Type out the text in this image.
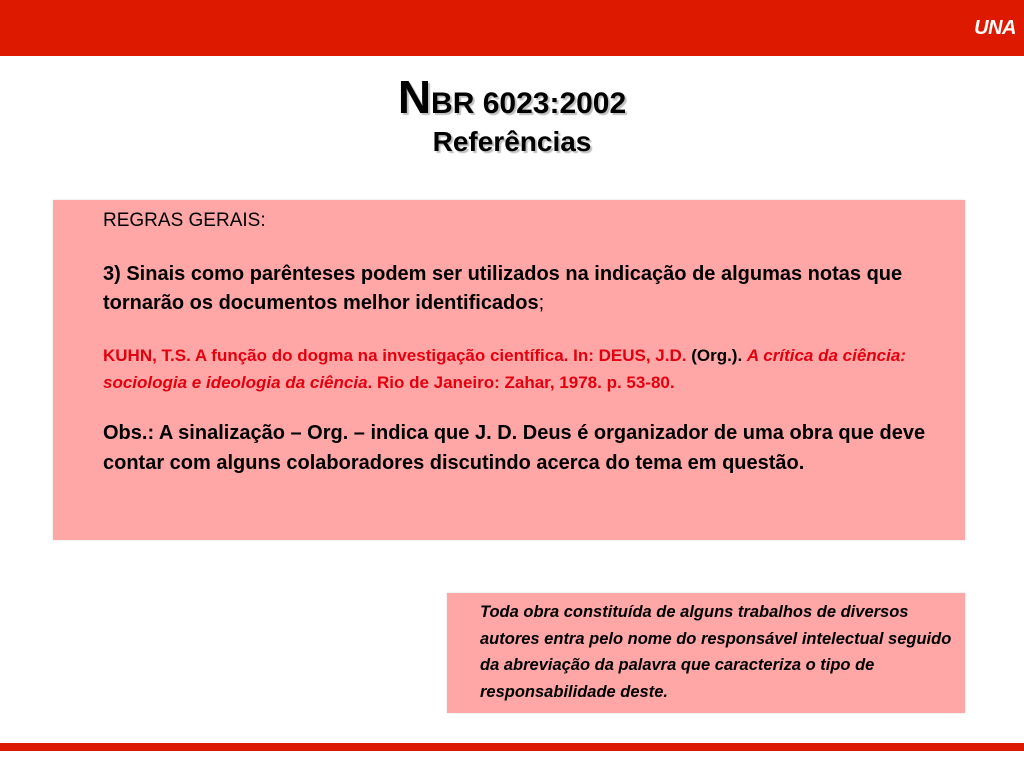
UNA
NBR 6023:2002
Referências

REGRAS GERAIS:

3) Sinais como parênteses podem ser utilizados na indicação de algumas notas que tornarão os documentos melhor identificados;

KUHN, T.S. A função do dogma na investigação científica. In: DEUS, J.D. (Org.). A crítica da ciência: sociologia e ideologia da ciência. Rio de Janeiro: Zahar, 1978. p. 53-80.

Obs.: A sinalização – Org. – indica que J. D. Deus é organizador de uma obra que deve contar com alguns colaboradores discutindo acerca do tema em questão.

Toda obra constituída de alguns trabalhos de diversos autores entra pelo nome do responsável intelectual seguido da abreviação da palavra que caracteriza o tipo de responsabilidade deste.
